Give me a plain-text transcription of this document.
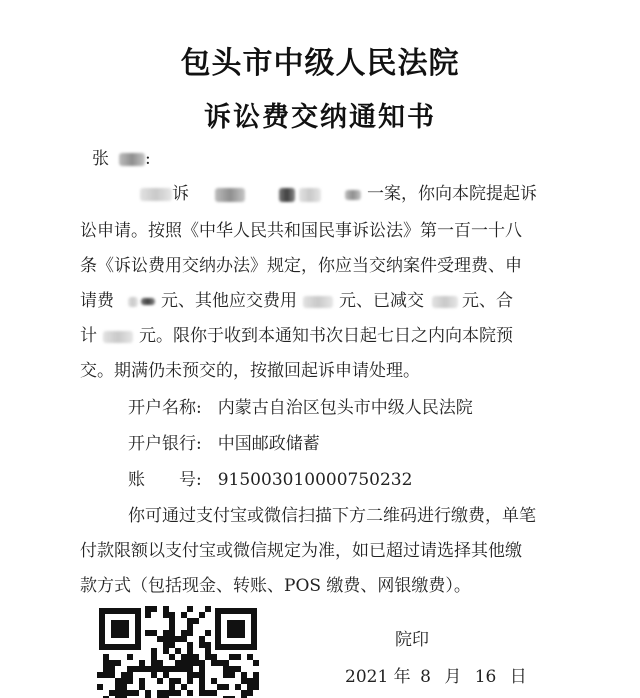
包头市中级人民法院
诉讼费交纳通知书
张 :
诉	一案，你向本院提起诉
讼申请。按照《中华人民共和国民事诉讼法》第一百一十八
条《诉讼费用交纳办法》规定，你应当交纳案件受理费、申
请费	元、其他应交费用 元、已减交 元、合
计 元。限你于收到本通知书次日起七日之内向本院预
交。期满仍未预交的，按撤回起诉申请处理。
开户名称: 内蒙古自治区包头市中级人民法院
开户银行: 中国邮政储蓄
账　　号: 915003010000750232
你可通过支付宝或微信扫描下方二维码进行缴费，单笔
付款限额以支付宝或微信规定为准，如已超过请选择其他缴
款方式（包括现金、转账、POS 缴费、网银缴费）。
院印
2021 年 8 月 16 日
